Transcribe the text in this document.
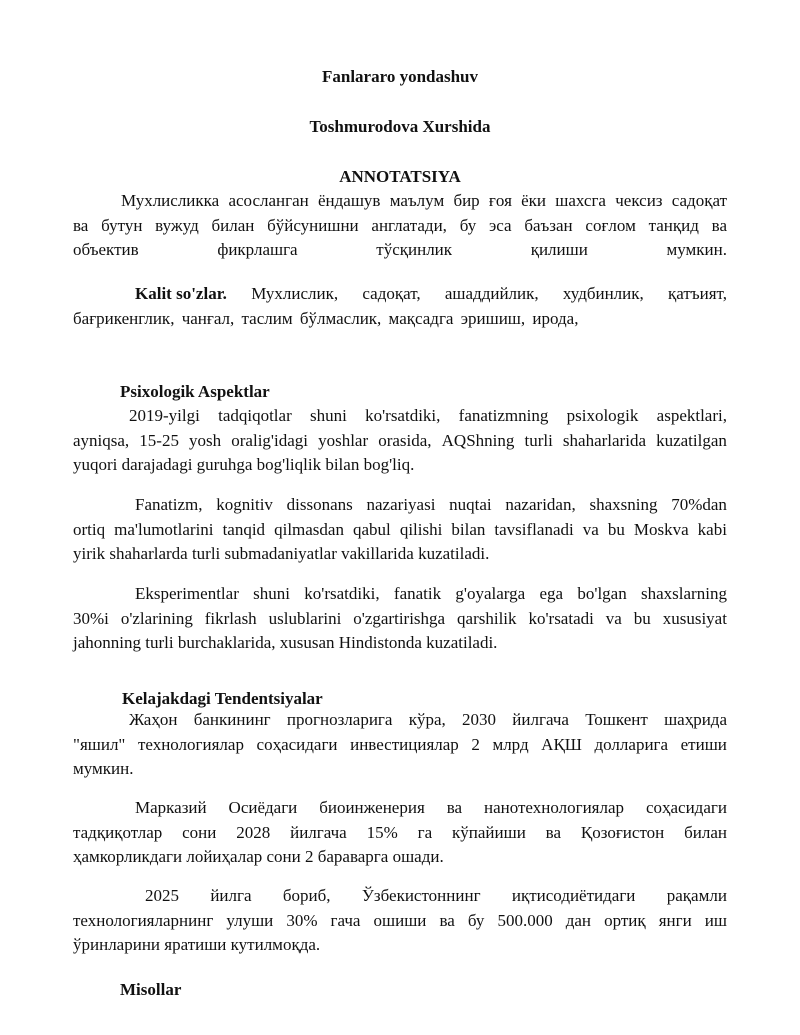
Fanlararo yondashuv
Toshmurodova Xurshida
ANNOTATSIYA
Мухлисликка асосланган ёндашув маълум бир ғоя ёки шахсга чексиз садоқат
ва бутун вужуд билан бўйсунишни англатади, бу эса баъзан соғлом танқид ва
объектив	фикрлашга	тўсқинлик	қилиши	мумкин.
Kalit so'zlar. Мухлислик, садоқат, ашаддийлик, худбинлик, қатъият,
бағрикенглик, чанғал, таслим бўлмаслик, мақсадга эришиш, ирода,
Psixologik Aspektlar
2019-yilgi tadqiqotlar shuni ko'rsatdiki, fanatizmning psixologik aspektlari,
ayniqsa, 15-25 yosh oralig'idagi yoshlar orasida, AQShning turli shaharlarida kuzatilgan
yuqori darajadagi guruhga bog'liqlik bilan bog'liq.
Fanatizm, kognitiv dissonans nazariyasi nuqtai nazaridan, shaxsning 70%dan
ortiq ma'lumotlarini tanqid qilmasdan qabul qilishi bilan tavsiflanadi va bu Moskva kabi
yirik shaharlarda turli submadaniyatlar vakillarida kuzatiladi.
Eksperimentlar shuni ko'rsatdiki, fanatik g'oyalarga ega bo'lgan shaxslarning
30%i o'zlarining fikrlash uslublarini o'zgartirishga qarshilik ko'rsatadi va bu xususiyat
jahonning turli burchaklarida, xususan Hindistonda kuzatiladi.
Kelajakdagi Tendentsiyalar
Жаҳон банкининг прогнозларига кўра, 2030 йилгача Тошкент шаҳрида
"яшил" технологиялар соҳасидаги инвестициялар 2 млрд АҚШ долларига етиши
мумкин.
Марказий Осиёдаги биоинженерия ва нанотехнологиялар соҳасидаги
тадқиқотлар сони 2028 йилгача 15% га кўпайиши ва Қозоғистон билан
ҳамкорликдаги лойиҳалар сони 2 бараварга ошади.
2025 йилга бориб, Ўзбекистоннинг иқтисодиётидаги рақамли
технологияларнинг улуши 30% гача ошиши ва бу 500.000 дан ортиқ янги иш
ўринларини яратиши кутилмоқда.
Misollar
